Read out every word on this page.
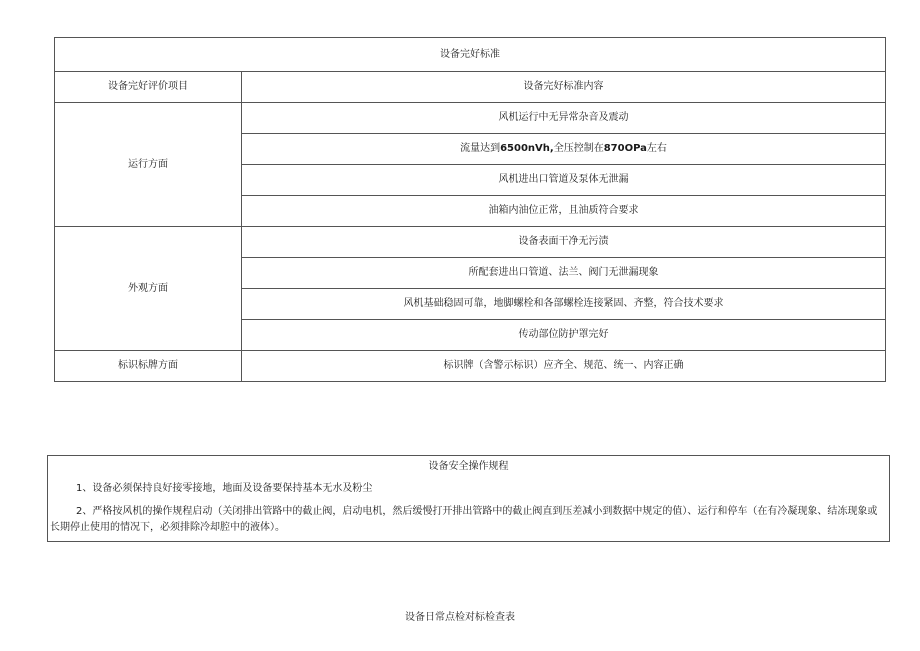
设备完好标准	
设备完好评价项目	设备完好标准内容
运行方面	风机运行中无异常杂音及震动
	流量达到6500nVh,全压控制在870OPa左右
	风机进出口管道及泵体无泄漏
	油箱内油位正常，且油质符合要求
外观方面	设备表面干净无污渍
	所配套进出口管道、法兰、阀门无泄漏现象
	风机基础稳固可靠，地脚螺栓和各部螺栓连接紧固、齐整，符合技术要求
	传动部位防护罩完好
标识标牌方面	标识牌（含警示标识）应齐全、规范、统一、内容正确
设备安全操作规程
1、设备必须保持良好接零接地，地面及设备要保持基本无水及粉尘
2、严格按风机的操作规程启动（关闭排出管路中的截止阀，启动电机，然后缓慢打开排出管路中的截止阀直到压差减小到数据中规定的值）、运行和停车（在有冷凝现象、结冻现象或长期停止使用的情况下，必须排除冷却腔中的液体）。
设备日常点检对标检查表
